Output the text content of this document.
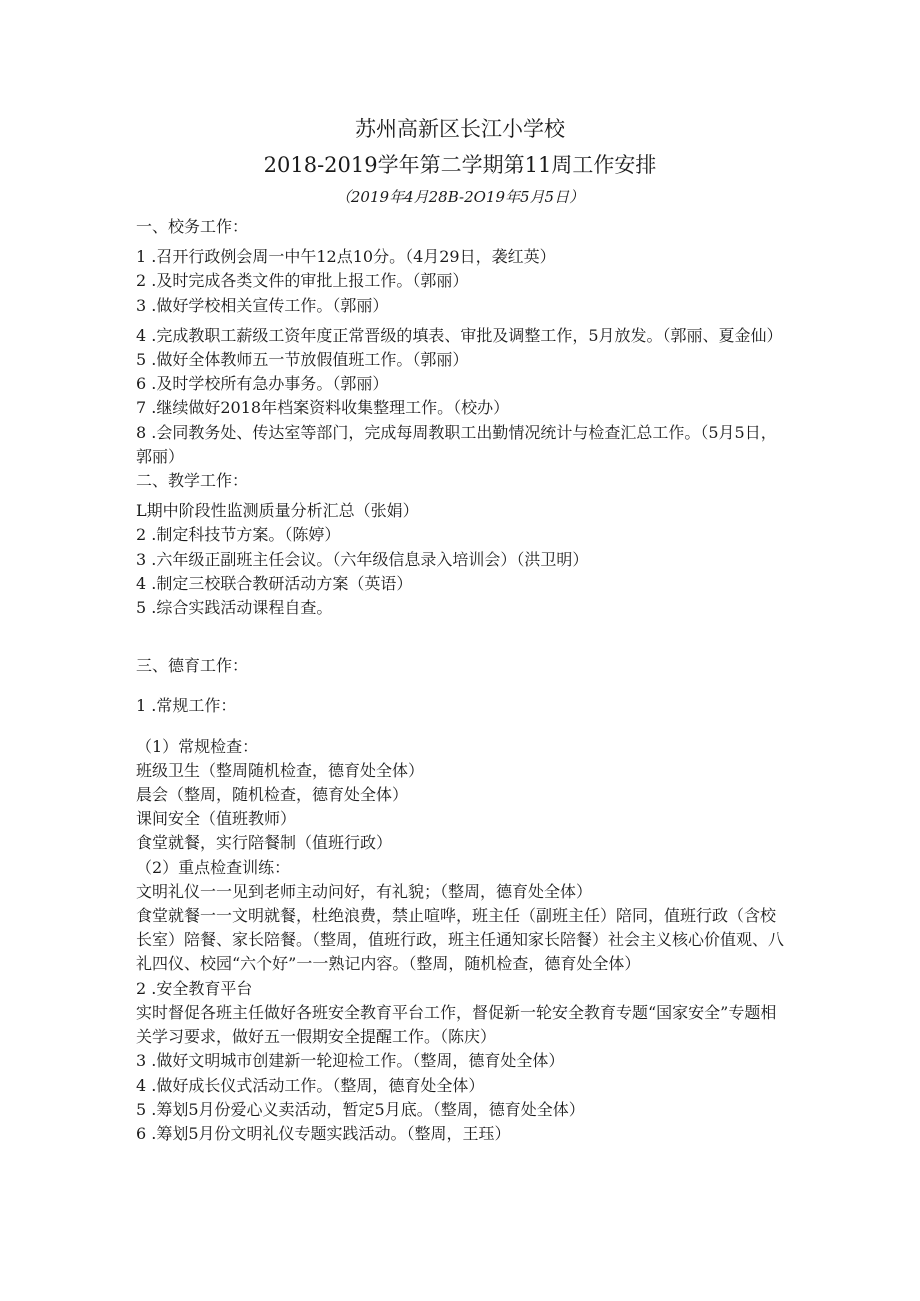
苏州高新区长江小学校
2018-2019学年第二学期第11周工作安排
（2019年4月28B-2O19年5月5日）

一、校务工作：

1 .召开行政例会周一中午12点10分。（4月29日，袭红英）

2 .及时完成各类文件的审批上报工作。（郭丽）

3 .做好学校相关宣传工作。（郭丽）

4 .完成教职工薪级工资年度正常晋级的填表、审批及调整工作，5月放发。（郭丽、夏金仙）

5 .做好全体教师五一节放假值班工作。（郭丽）

6 .及时学校所有急办事务。（郭丽）

7 .继续做好2018年档案资料收集整理工作。（校办）

8 .会同教务处、传达室等部门，完成每周教职工出勤情况统计与检查汇总工作。（5月5日，郭丽）

二、教学工作：

L期中阶段性监测质量分析汇总（张娟）

2 .制定科技节方案。（陈婷）

3 .六年级正副班主任会议。（六年级信息录入培训会）（洪卫明）

4 .制定三校联合教研活动方案（英语）

5 .综合实践活动课程自查。

三、德育工作：

1 .常规工作：

（1）常规检查：

班级卫生（整周随机检查，德育处全体）

晨会（整周，随机检查，德育处全体）

课间安全（值班教师）

食堂就餐，实行陪餐制（值班行政）

（2）重点检查训练：

文明礼仪一一见到老师主动问好，有礼貌；（整周，德育处全体）

食堂就餐一一文明就餐，杜绝浪费，禁止喧哗，班主任（副班主任）陪同，值班行政（含校长室）陪餐、家长陪餐。（整周，值班行政，班主任通知家长陪餐）社会主义核心价值观、八礼四仪、校园“六个好”一一熟记内容。（整周，随机检查，德育处全体）

2 .安全教育平台

实时督促各班主任做好各班安全教育平台工作，督促新一轮安全教育专题“国家安全”专题相关学习要求，做好五一假期安全提醒工作。（陈庆）

3 .做好文明城市创建新一轮迎检工作。（整周，德育处全体）

4 .做好成长仪式活动工作。（整周，德育处全体）

5 .筹划5月份爱心义卖活动，暂定5月底。（整周，德育处全体）

6 .筹划5月份文明礼仪专题实践活动。（整周，王珏）
